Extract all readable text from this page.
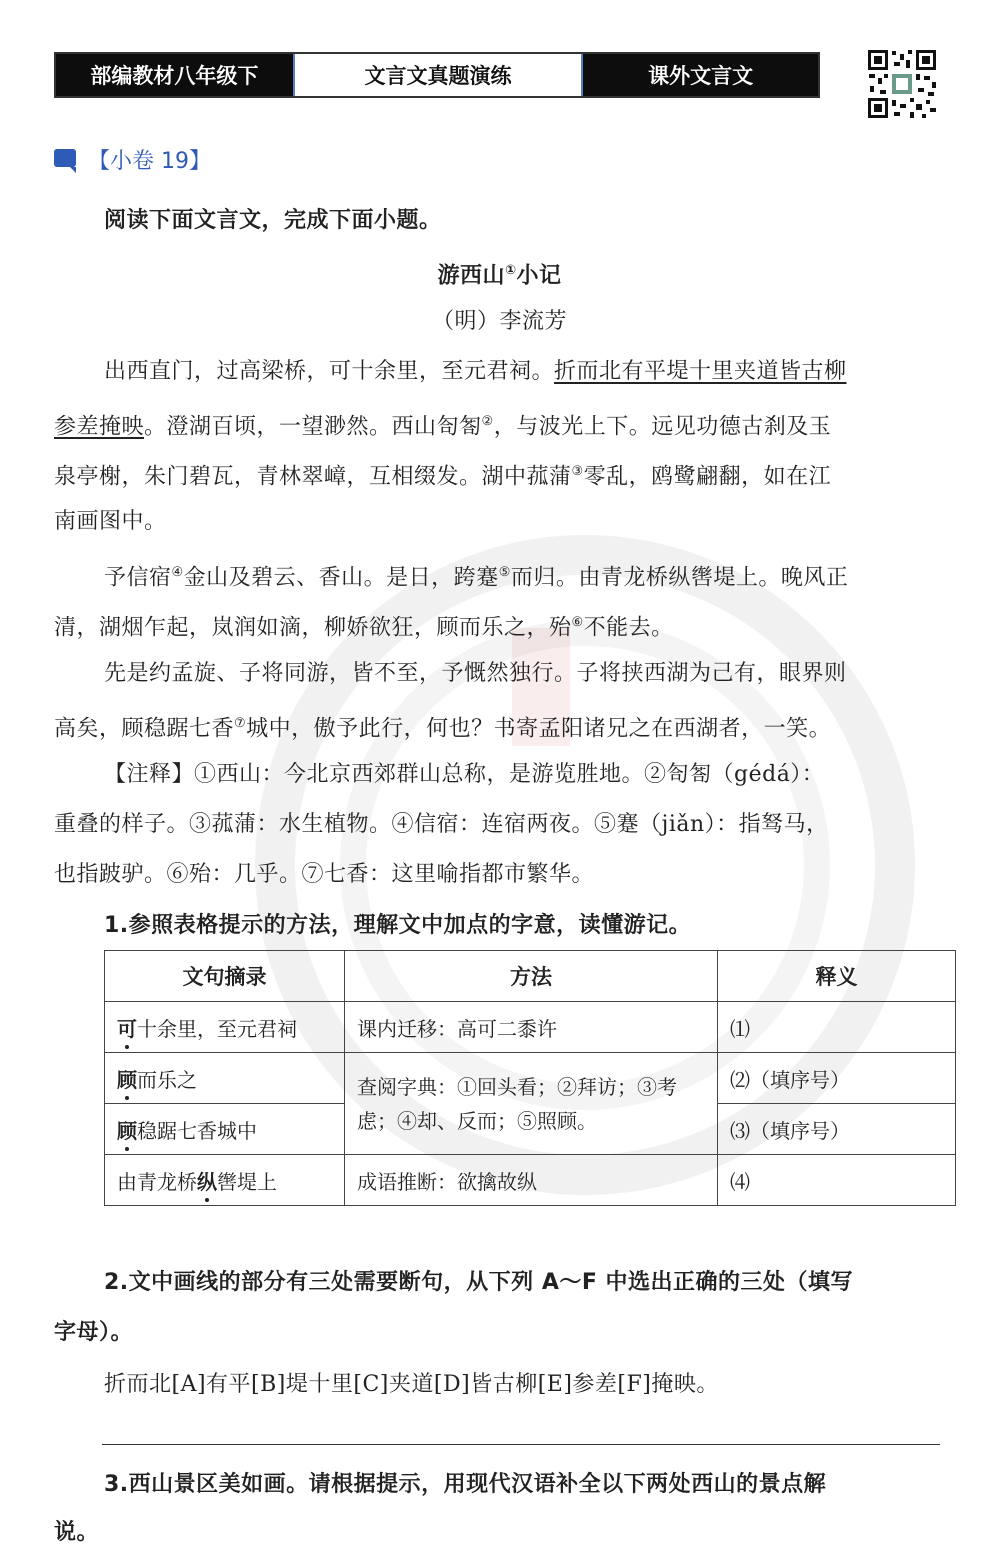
部编教材八年级下	文言文真题演练	课外文言文
【小卷 19】

阅读下面文言文，完成下面小题。

游西山①小记

（明）李流芳

出西直门，过高梁桥，可十余里，至元君祠。折而北有平堤十里夹道皆古柳

参差掩映。澄湖百顷，一望渺然。西山匌匒②，与波光上下。远见功德古刹及玉

泉亭榭，朱门碧瓦，青林翠嶂，互相缀发。湖中菰蒲③零乱，鸥鹭翩翻，如在江

南画图中。

予信宿④金山及碧云、香山。是日，跨蹇⑤而归。由青龙桥纵辔堤上。晚风正

清，湖烟乍起，岚润如滴，柳娇欲狂，顾而乐之，殆⑥不能去。

先是约孟旋、子将同游，皆不至，予慨然独行。子将挟西湖为己有，眼界则

高矣，顾稳踞七香⑦城中，傲予此行，何也？书寄孟阳诸兄之在西湖者，一笑。

【注释】①西山：今北京西郊群山总称，是游览胜地。②匌匒（gédá）：

重叠的样子。③菰蒲：水生植物。④信宿：连宿两夜。⑤蹇（jiǎn）：指驽马，

也指跛驴。⑥殆：几乎。⑦七香：这里喻指都市繁华。

1.参照表格提示的方法，理解文中加点的字意，读懂游记。

文句摘录	方法	释义
可十余里，至元君祠	课内迁移：高可二黍许	⑴
顾而乐之	查阅字典：①回头看；②拜访；③考虑；④却、反而；⑤照顾。	⑵（填序号）
顾稳踞七香城中		⑶（填序号）
由青龙桥纵辔堤上	成语推断：欲擒故纵	⑷

2.文中画线的部分有三处需要断句，从下列 A～F 中选出正确的三处（填写

字母）。

折而北[A]有平[B]堤十里[C]夹道[D]皆古柳[E]参差[F]掩映。

3.西山景区美如画。请根据提示，用现代汉语补全以下两处西山的景点解

说。
